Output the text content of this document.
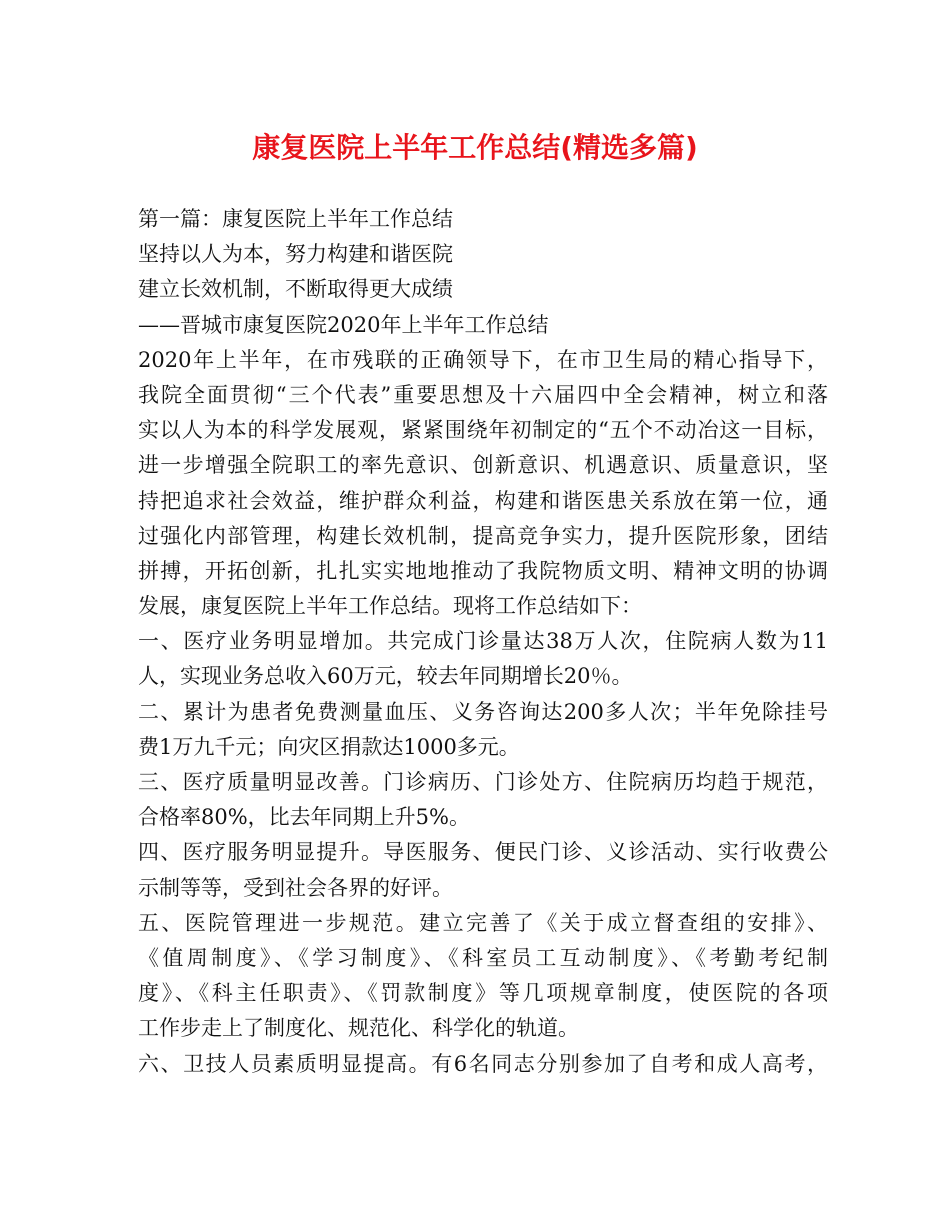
康复医院上半年工作总结(精选多篇)
第一篇：康复医院上半年工作总结
坚持以人为本，努力构建和谐医院
建立长效机制，不断取得更大成绩
——晋城市康复医院2020年上半年工作总结
2020年上半年，在市残联的正确领导下，在市卫生局的精心指导下，
我院全面贯彻“三个代表”重要思想及十六届四中全会精神，树立和落
实以人为本的科学发展观，紧紧围绕年初制定的“五个不动冶这一目标，
进一步增强全院职工的率先意识、创新意识、机遇意识、质量意识，坚
持把追求社会效益，维护群众利益，构建和谐医患关系放在第一位，通
过强化内部管理，构建长效机制，提高竞争实力，提升医院形象，团结
拼搏，开拓创新，扎扎实实地地推动了我院物质文明、精神文明的协调
发展，康复医院上半年工作总结。现将工作总结如下：
一、医疗业务明显增加。共完成门诊量达38万人次，住院病人数为11
人，实现业务总收入60万元，较去年同期增长20％。
二、累计为患者免费测量血压、义务咨询达200多人次；半年免除挂号
费1万九千元；向灾区捐款达1000多元。
三、医疗质量明显改善。门诊病历、门诊处方、住院病历均趋于规范，
合格率80%，比去年同期上升5%。
四、医疗服务明显提升。导医服务、便民门诊、义诊活动、实行收费公
示制等等，受到社会各界的好评。
五、医院管理进一步规范。建立完善了《关于成立督查组的安排》、
《值周制度》、《学习制度》、《科室员工互动制度》、《考勤考纪制
度》、《科主任职责》、《罚款制度》等几项规章制度，使医院的各项
工作步走上了制度化、规范化、科学化的轨道。
六、卫技人员素质明显提高。有6名同志分别参加了自考和成人高考，
